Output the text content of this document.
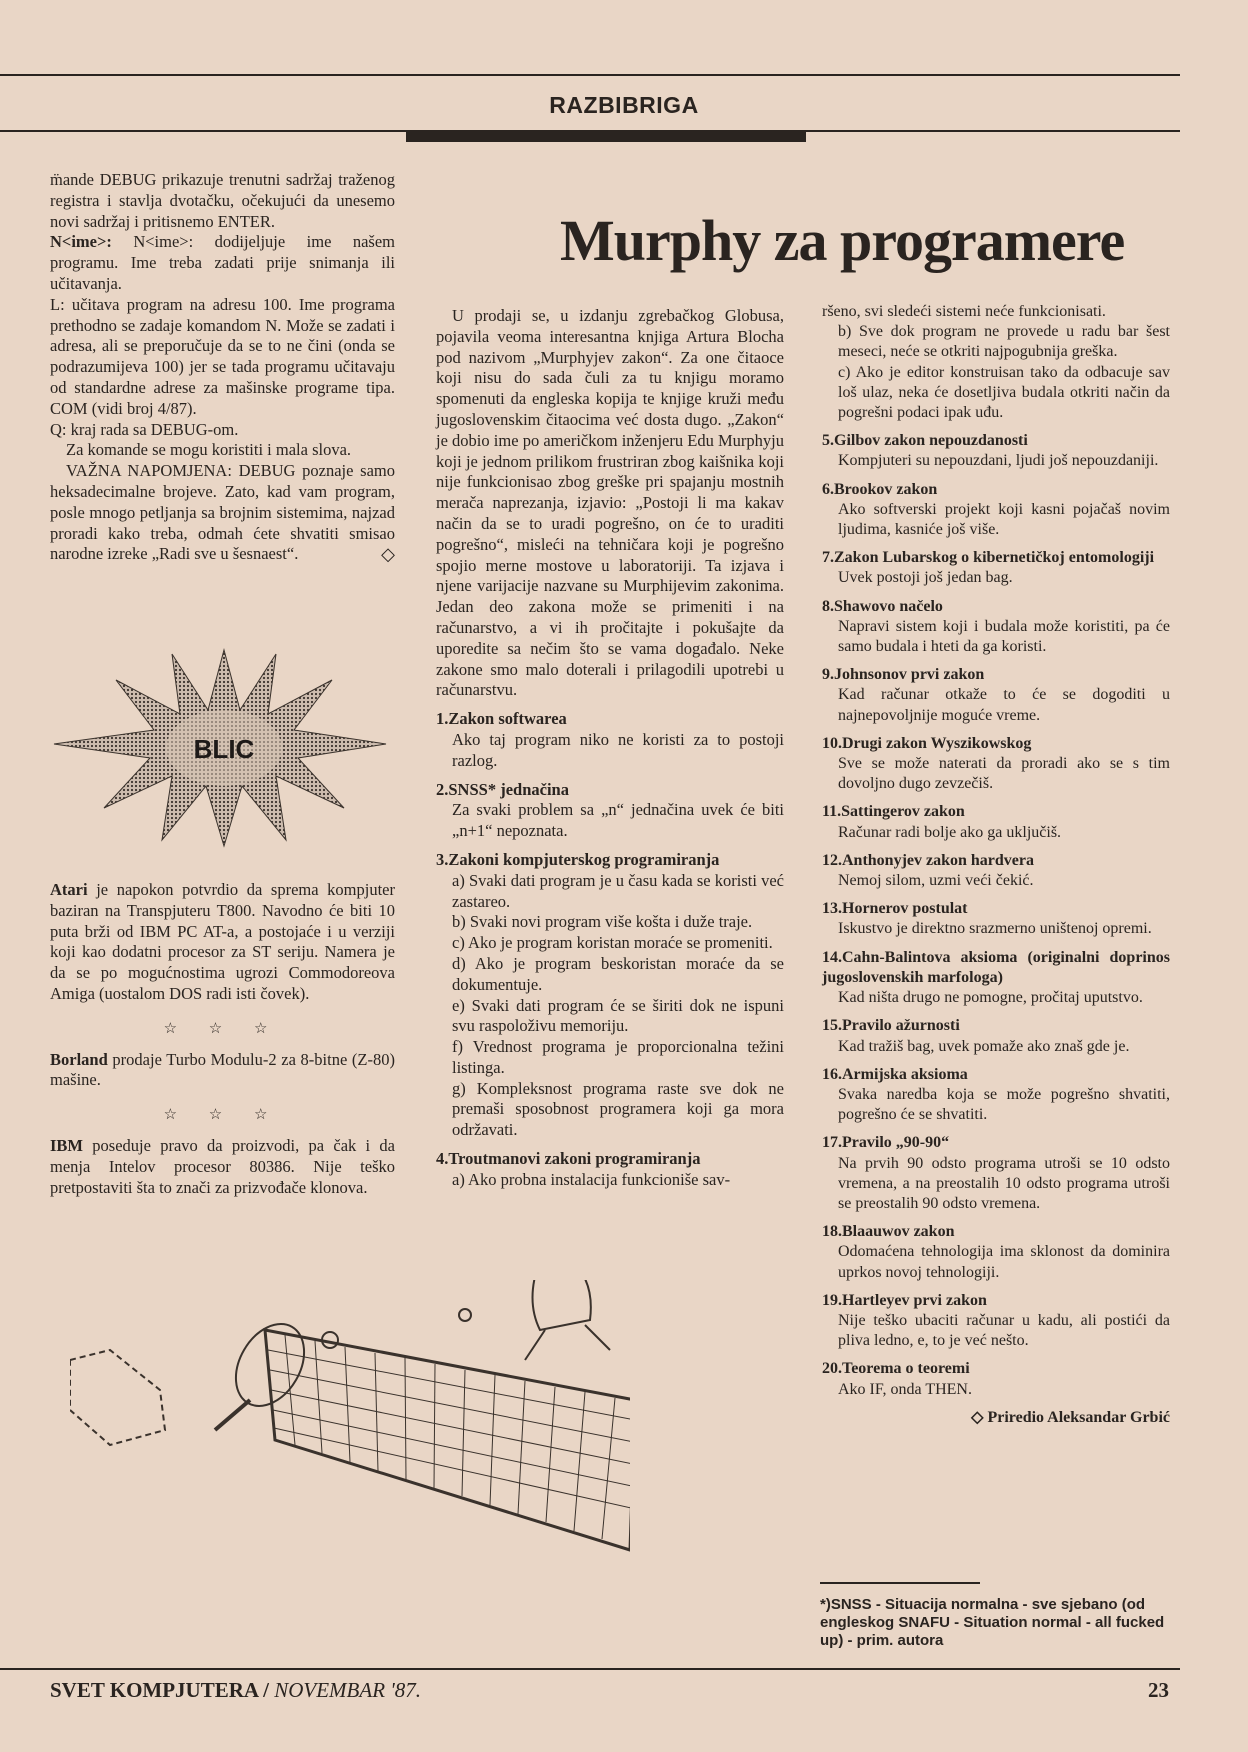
RAZBIBRIGA

m̈ande DEBUG prikazuje trenutni sadržaj traženog registra i stavlja dvotačku, očekujući da unesemo novi sadržaj i pritisnemo ENTER.

N<ime>: N<ime>: dodijeljuje ime našem programu. Ime treba zadati prije snimanja ili učitavanja.

L: učitava program na adresu 100. Ime programa prethodno se zadaje komandom N. Može se zadati i adresa, ali se preporučuje da se to ne čini (onda se podrazumijeva 100) jer se tada programu učitavaju od standardne adrese za mašinske programe tipa. COM (vidi broj 4/87).

Q: kraj rada sa DEBUG-om.

Za komande se mogu koristiti i mala slova.

VAŽNA NAPOMJENA: DEBUG poznaje samo heksadecimalne brojeve. Zato, kad vam program, posle mnogo petljanja sa brojnim sistemima, najzad proradi kako treba, odmah ćete shvatiti smisao narodne izreke „Radi sve u šesnaest“.	◇

BLIC

Atari je napokon potvrdio da sprema kompjuter baziran na Transpjuteru T800. Navodno će biti 10 puta brži od IBM PC AT-a, a postojaće i u verziji koji kao dodatni procesor za ST seriju. Namera je da se po mogućnostima ugrozi Commodoreova Amiga (uostalom DOS radi isti čovek).

☆ ☆ ☆

Borland prodaje Turbo Modulu-2 za 8-bitne (Z-80) mašine.

☆ ☆ ☆

IBM poseduje pravo da proizvodi, pa čak i da menja Intelov procesor 80386. Nije teško pretpostaviti šta to znači za prizvođače klonova.

Murphy za programere

U prodaji se, u izdanju zgrebačkog Globusa, pojavila veoma interesantna knjiga Artura Blocha pod nazivom „Murphyjev zakon“. Za one čitaoce koji nisu do sada čuli za tu knjigu moramo spomenuti da engleska kopija te knjige kruži među jugoslovenskim čitaocima već dosta dugo. „Zakon“ je dobio ime po američkom inženjeru Edu Murphyju koji je jednom prilikom frustriran zbog kaišnika koji nije funkcionisao zbog greške pri spajanju mostnih merača naprezanja, izjavio: „Postoji li ma kakav način da se to uradi pogrešno, on će to uraditi pogrešno“, misleći na tehničara koji je pogrešno spojio merne mostove u laboratoriji. Ta izjava i njene varijacije nazvane su Murphijevim zakonima. Jedan deo zakona može se primeniti i na računarstvo, a vi ih pročitajte i pokušajte da uporedite sa nečim što se vama događalo. Neke zakone smo malo doterali i prilagodili upotrebi u računarstvu.

1.Zakon softwarea

Ako taj program niko ne koristi za to postoji razlog.

2.SNSS* jednačina

Za svaki problem sa „n“ jednačina uvek će biti „n+1“ nepoznata.

3.Zakoni kompjuterskog programiranja

a) Svaki dati program je u času kada se koristi već zastareo.

b) Svaki novi program više košta i duže traje.

c) Ako je program koristan moraće se promeniti.

d) Ako je program beskoristan moraće da se dokumentuje.

e) Svaki dati program će se širiti dok ne ispuni svu raspoloživu memoriju.

f) Vrednost programa je proporcionalna težini listinga.

g) Kompleksnost programa raste sve dok ne premaši sposobnost programera koji ga mora održavati.

4.Troutmanovi zakoni programiranja

a) Ako probna instalacija funkcioniše sav-

ršeno, svi sledeći sistemi neće funkcionisati.

b) Sve dok program ne provede u radu bar šest meseci, neće se otkriti najpogubnija greška.

c) Ako je editor konstruisan tako da odbacuje sav loš ulaz, neka će dosetljiva budala otkriti način da pogrešni podaci ipak uđu.

5.Gilbov zakon nepouzdanosti

Kompjuteri su nepouzdani, ljudi još nepouzdaniji.

6.Brookov zakon

Ako softverski projekt koji kasni pojačaš novim ljudima, kasniće još više.

7.Zakon Lubarskog o kibernetičkoj entomologiji

Uvek postoji još jedan bag.

8.Shawovo načelo

Napravi sistem koji i budala može koristiti, pa će samo budala i hteti da ga koristi.

9.Johnsonov prvi zakon

Kad računar otkaže to će se dogoditi u najnepovoljnije moguće vreme.

10.Drugi zakon Wyszikowskog

Sve se može naterati da proradi ako se s tim dovoljno dugo zevzečiš.

11.Sattingerov zakon

Računar radi bolje ako ga uključiš.

12.Anthonyjev zakon hardvera

Nemoj silom, uzmi veći čekić.

13.Hornerov postulat

Iskustvo je direktno srazmerno uništenoj opremi.

14.Cahn-Balintova aksioma (originalni doprinos jugoslovenskih marfologa)

Kad ništa drugo ne pomogne, pročitaj uputstvo.

15.Pravilo ažurnosti

Kad tražiš bag, uvek pomaže ako znaš gde je.

16.Armijska aksioma

Svaka naredba koja se može pogrešno shvatiti, pogrešno će se shvatiti.

17.Pravilo „90-90“

Na prvih 90 odsto programa utroši se 10 odsto vremena, a na preostalih 10 odsto programa utroši se preostalih 90 odsto vremena.

18.Blaauwov zakon

Odomaćena tehnologija ima sklonost da dominira uprkos novoj tehnologiji.

19.Hartleyev prvi zakon

Nije teško ubaciti računar u kadu, ali postići da pliva ledno, e, to je već nešto.

20.Teorema o teoremi

Ako IF, onda THEN.

◇ Priredio Aleksandar Grbić

*)SNSS - Situacija normalna - sve sjebano (od engleskog SNAFU - Situation normal - all fucked up) - prim. autora
SVET KOMPJUTERA / NOVEMBAR '87.	23
